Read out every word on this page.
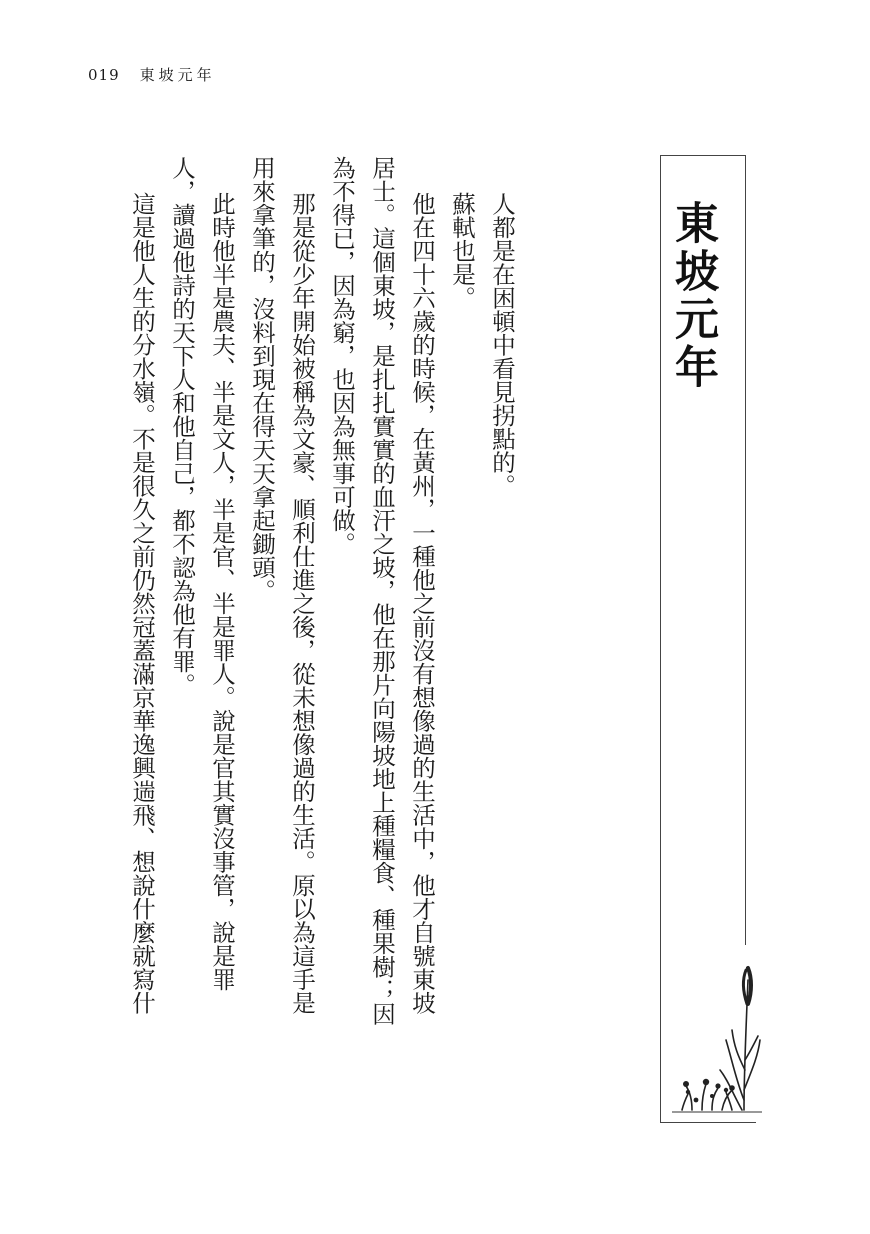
019 東坡元年
東坡元年
人都是在困頓中看見拐點的。
蘇軾也是。
他在四十六歲的時候，在黃州，一種他之前沒有想像過的生活中，他才自號東坡
居士。這個東坡，是扎扎實實的血汗之坡，他在那片向陽坡地上種糧食、種果樹；因
為不得已，因為窮，也因為無事可做。
那是從少年開始被稱為文豪、順利仕進之後，從未想像過的生活。原以為這手是
用來拿筆的，沒料到現在得天天拿起鋤頭。
此時他半是農夫、半是文人，半是官、半是罪人。說是官其實沒事管，說是罪
人，讀過他詩的天下人和他自己，都不認為他有罪。
這是他人生的分水嶺。不是很久之前仍然冠蓋滿京華逸興遄飛、想說什麼就寫什
